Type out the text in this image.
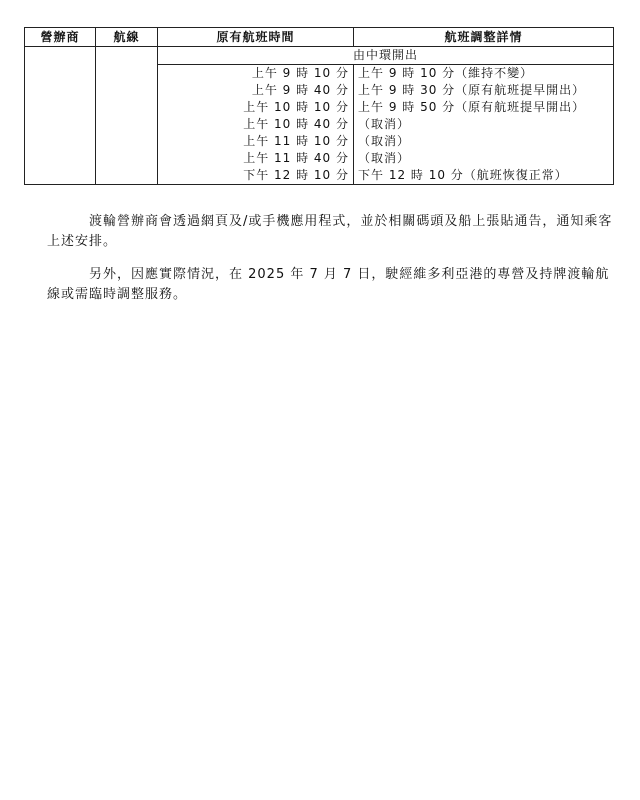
營辦商	航線	原有航班時間	航班調整詳情
		由中環開出	
		上午 9 時 10 分	上午 9 時 10 分（維持不變）
		上午 9 時 40 分	上午 9 時 30 分（原有航班提早開出）
		上午 10 時 10 分	上午 9 時 50 分（原有航班提早開出）
		上午 10 時 40 分	（取消）
		上午 11 時 10 分	（取消）
		上午 11 時 40 分	（取消）
		下午 12 時 10 分	下午 12 時 10 分（航班恢復正常）

渡輪營辦商會透過網頁及/或手機應用程式，並於相關碼頭及船上張貼通告，通知乘客上述安排。

另外，因應實際情況，在 2025 年 7 月 7 日，駛經維多利亞港的專營及持牌渡輪航線或需臨時調整服務。
